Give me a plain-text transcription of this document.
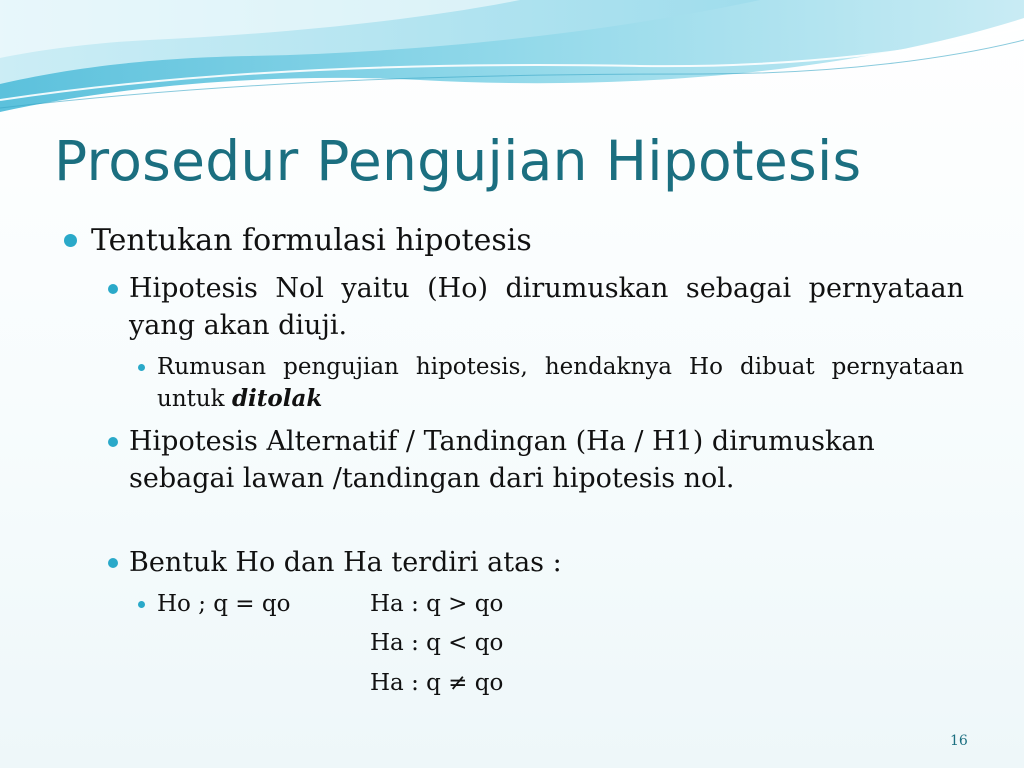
Prosedur Pengujian Hipotesis
Tentukan formulasi hipotesis
Hipotesis Nol yaitu (Ho) dirumuskan sebagai pernyataan yang akan diuji.
Rumusan pengujian hipotesis, hendaknya Ho dibuat pernyataan untuk ditolak
Hipotesis Alternatif / Tandingan (Ha / H1) dirumuskan sebagai lawan /tandingan dari hipotesis nol.
Bentuk Ho dan Ha terdiri atas :
Ho ; q = qo	Ha : q > qo
Ha : q < qo
Ha : q ≠ qo
16
